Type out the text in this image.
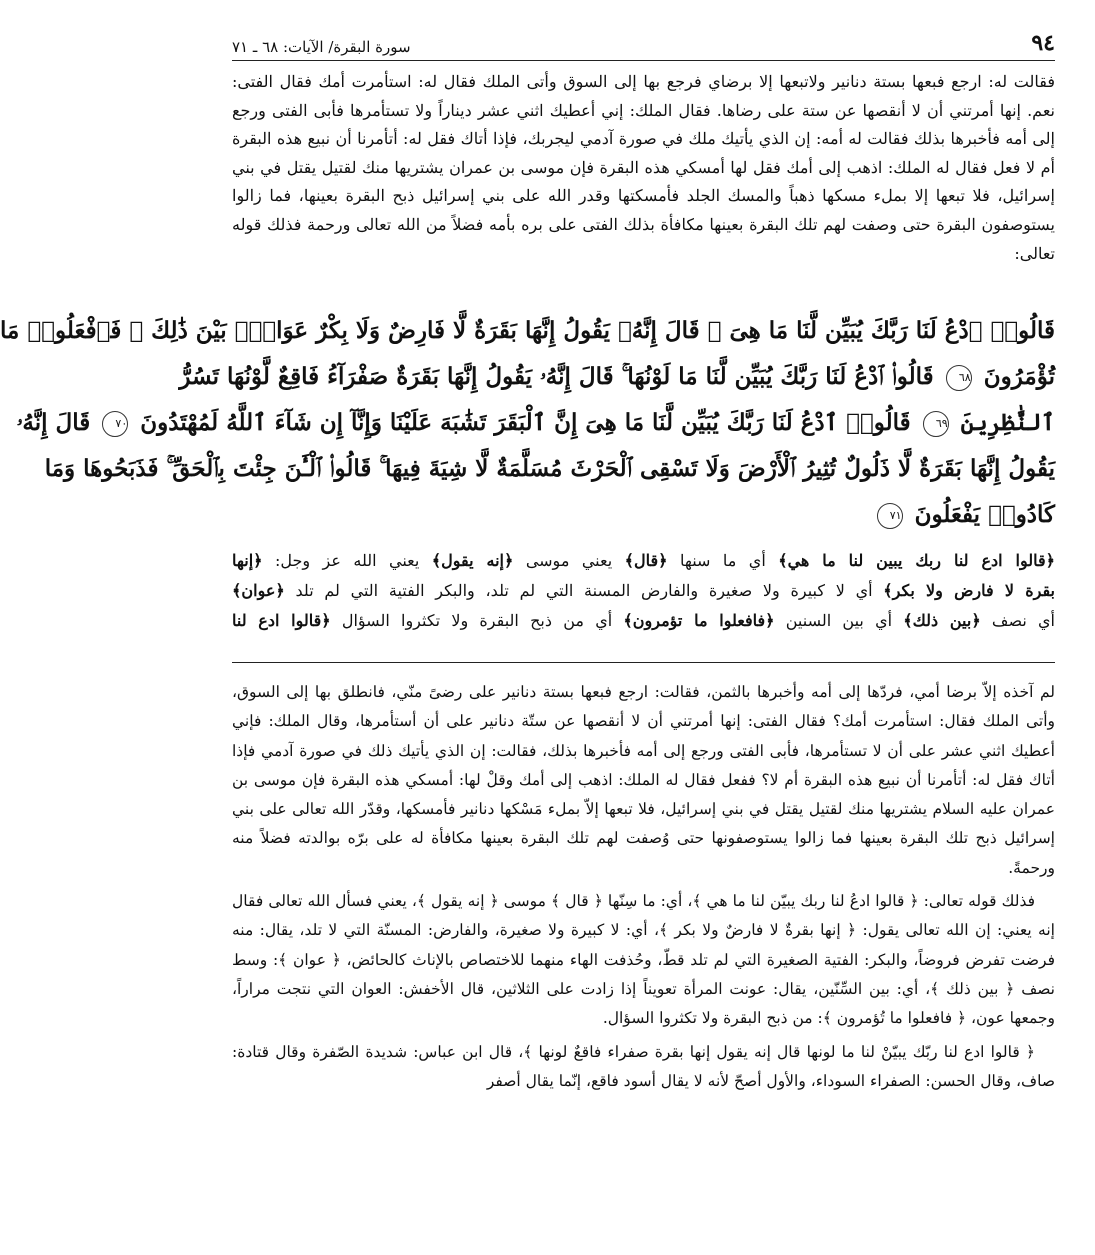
٩٤
سورة البقرة/ الآيات: ٦٨ ـ ٧١

فقالت له: ارجع فبعها بستة دنانير ولاتبعها إلا برضاي فرجع بها إلى السوق وأتى الملك فقال له: استأمرت أمك فقال الفتى: نعم. إنها أمرتني أن لا أنقصها عن ستة على رضاها. فقال الملك: إني أعطيك اثني عشر ديناراً ولا تستأمرها فأبى الفتى ورجع إلى أمه فأخبرها بذلك فقالت له أمه: إن الذي يأتيك ملك في صورة آدمي ليجربك، فإذا أتاك فقل له: أتأمرنا أن نبيع هذه البقرة أم لا فعل فقال له الملك: اذهب إلى أمك فقل لها أمسكي هذه البقرة فإن موسى بن عمران يشتريها منك لقتيل يقتل في بني إسرائيل، فلا تبعها إلا بملء مسكها ذهباً والمسك الجلد فأمسكتها وقدر الله على بني إسرائيل ذبح البقرة بعينها، فما زالوا يستوصفون البقرة حتى وصفت لهم تلك البقرة بعينها مكافأة بذلك الفتى على بره بأمه فضلاً من الله تعالى ورحمة فذلك قوله تعالى:

قَالُوا۟ ٱدْعُ لَنَا رَبَّكَ يُبَيِّن لَّنَا مَا هِىَ ۚ قَالَ إِنَّهُۥ يَقُولُ إِنَّهَا بَقَرَةٌ لَّا فَارِضٌ وَلَا بِكْرٌ عَوَانٌۢ بَيْنَ ذَٰلِكَ ۖ فَٱفْعَلُوا۟ مَا
تُؤْمَرُونَ ٦٨ قَالُوا۟ ٱدْعُ لَنَا رَبَّكَ يُبَيِّن لَّنَا مَا لَوْنُهَا ۚ قَالَ إِنَّهُۥ يَقُولُ إِنَّهَا بَقَرَةٌ صَفْرَآءُ فَاقِعٌ لَّوْنُهَا تَسُرُّ
ٱلنَّٰظِرِينَ ٦٩ قَالُوا۟ ٱدْعُ لَنَا رَبَّكَ يُبَيِّن لَّنَا مَا هِىَ إِنَّ ٱلْبَقَرَ تَشَٰبَهَ عَلَيْنَا وَإِنَّآ إِن شَآءَ ٱللَّهُ لَمُهْتَدُونَ ٧٠ قَالَ إِنَّهُۥ
يَقُولُ إِنَّهَا بَقَرَةٌ لَّا ذَلُولٌ تُثِيرُ ٱلْأَرْضَ وَلَا تَسْقِى ٱلْحَرْثَ مُسَلَّمَةٌ لَّا شِيَةَ فِيهَا ۚ قَالُوا۟ ٱلْـَٰٔنَ جِئْتَ بِٱلْحَقِّ ۚ فَذَبَحُوهَا وَمَا
كَادُوا۟ يَفْعَلُونَ ٧١
﴿قالوا ادع لنا ربك يبين لنا ما هي﴾ أي ما سنها ﴿قال﴾ يعني موسى ﴿إنه يقول﴾ يعني الله عز وجل: ﴿إنها
بقرة لا فارض ولا بكر﴾ أي لا كبيرة ولا صغيرة والفارض المسنة التي لم تلد، والبكر الفتية التي لم تلد ﴿عوان﴾
أي نصف ﴿بين ذلك﴾ أي بين السنين ﴿فافعلوا ما تؤمرون﴾ أي من ذبح البقرة ولا تكثروا السؤال ﴿قالوا ادع لنا

لم آخذه إلاّ برضا أمي، فردّها إلى أمه وأخبرها بالثمن، فقالت: ارجع فبعها بستة دنانير على رضىً منّي، فانطلق بها إلى السوق، وأتى الملك فقال: استأمرت أمك؟ فقال الفتى: إنها أمرتني أن لا أنقصها عن ستّة دنانير على أن أستأمرها، وقال الملك: فإني أعطيك اثني عشر على أن لا تستأمرها، فأبى الفتى ورجع إلى أمه فأخبرها بذلك، فقالت: إن الذي يأتيك ذلك في صورة آدمي فإذا أتاك فقل له: أتأمرنا أن نبيع هذه البقرة أم لا؟ ففعل فقال له الملك: اذهب إلى أمك وقلْ لها: أمسكي هذه البقرة فإن موسى بن عمران عليه السلام يشتريها منك لقتيل يقتل في بني إسرائيل، فلا تبعها إلاّ بملء مَسْكها دنانير فأمسكها، وقدّر الله تعالى على بني إسرائيل ذبح تلك البقرة بعينها فما زالوا يستوصفونها حتى وُصفت لهم تلك البقرة بعينها مكافأة له على برّه بوالدته فضلاً منه ورحمةً.

فذلك قوله تعالى: ﴿ قالوا ادعُ لنا ربك يبيّن لنا ما هي ﴾، أي: ما سِنّها ﴿ قال ﴾ موسى ﴿ إنه يقول ﴾، يعني فسأل الله تعالى فقال إنه يعني: إن الله تعالى يقول: ﴿ إنها بقرةٌ لا فارضٌ ولا بكر ﴾، أي: لا كبيرة ولا صغيرة، والفارض: المسنّة التي لا تلد، يقال: منه فرضت تفرض فروضاً، والبكر: الفتية الصغيرة التي لم تلد قطّ، وحُذفت الهاء منهما للاختصاص بالإناث كالحائض، ﴿ عوان ﴾: وسط نصف ﴿ بين ذلك ﴾، أي: بين السِّنّين، يقال: عونت المرأة تعويناً إذا زادت على الثلاثين، قال الأخفش: العوان التي نتجت مراراً، وجمعها عون، ﴿ فافعلوا ما تُؤمرون ﴾: من ذبح البقرة ولا تكثروا السؤال.

﴿ قالوا ادع لنا ربّك يبيّنْ لنا ما لونها قال إنه يقول إنها بقرة صفراء فاقعٌ لونها ﴾، قال ابن عباس: شديدة الصّفرة وقال قتادة: صاف، وقال الحسن: الصفراء السوداء، والأول أصحّ لأنه لا يقال أسود فاقع، إنّما يقال أصفر
